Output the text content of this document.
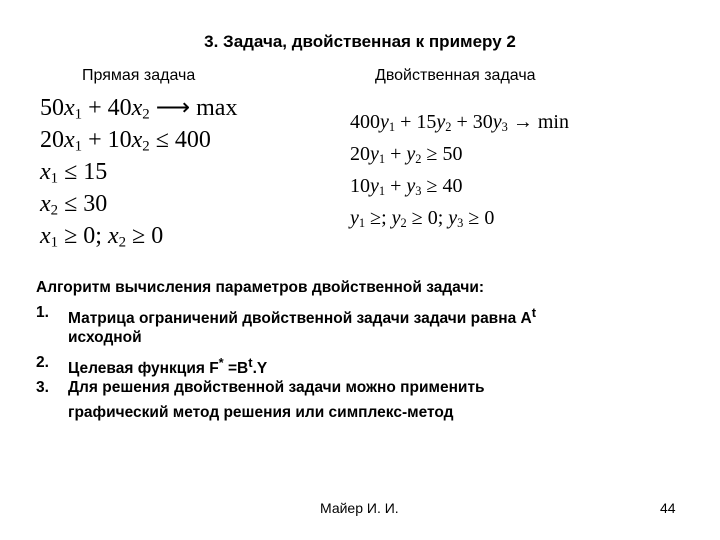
3. Задача, двойственная к примеру 2
Прямая задача	Двойственная задача
$50x_1 + 40x_2$ ⟶ max
$20x_1 + 10x_2 \le 400$
$x_1 \le 15$
$x_2 \le 30$
$x_1 \ge 0$; $x_2 \ge 0$
$400y_1 + 15y_2 + 30y_3 \to \min$
$20y_1 + y_2 \ge 50$
$10y_1 + y_3 \ge 40$
$y_1$ ≥; $y_2 \ge 0$; $y_3 \ge 0$
Алгоритм вычисления параметров двойственной задачи:
1.	Матрица ограничений двойственной задачи задачи равна $A^t$
исходной
2.	Целевая функция $F^* =B^t.Y$
3.	Для решения двойственной задачи можно применить
графический метод решения или симплекс-метод
Майер И. И.	44
